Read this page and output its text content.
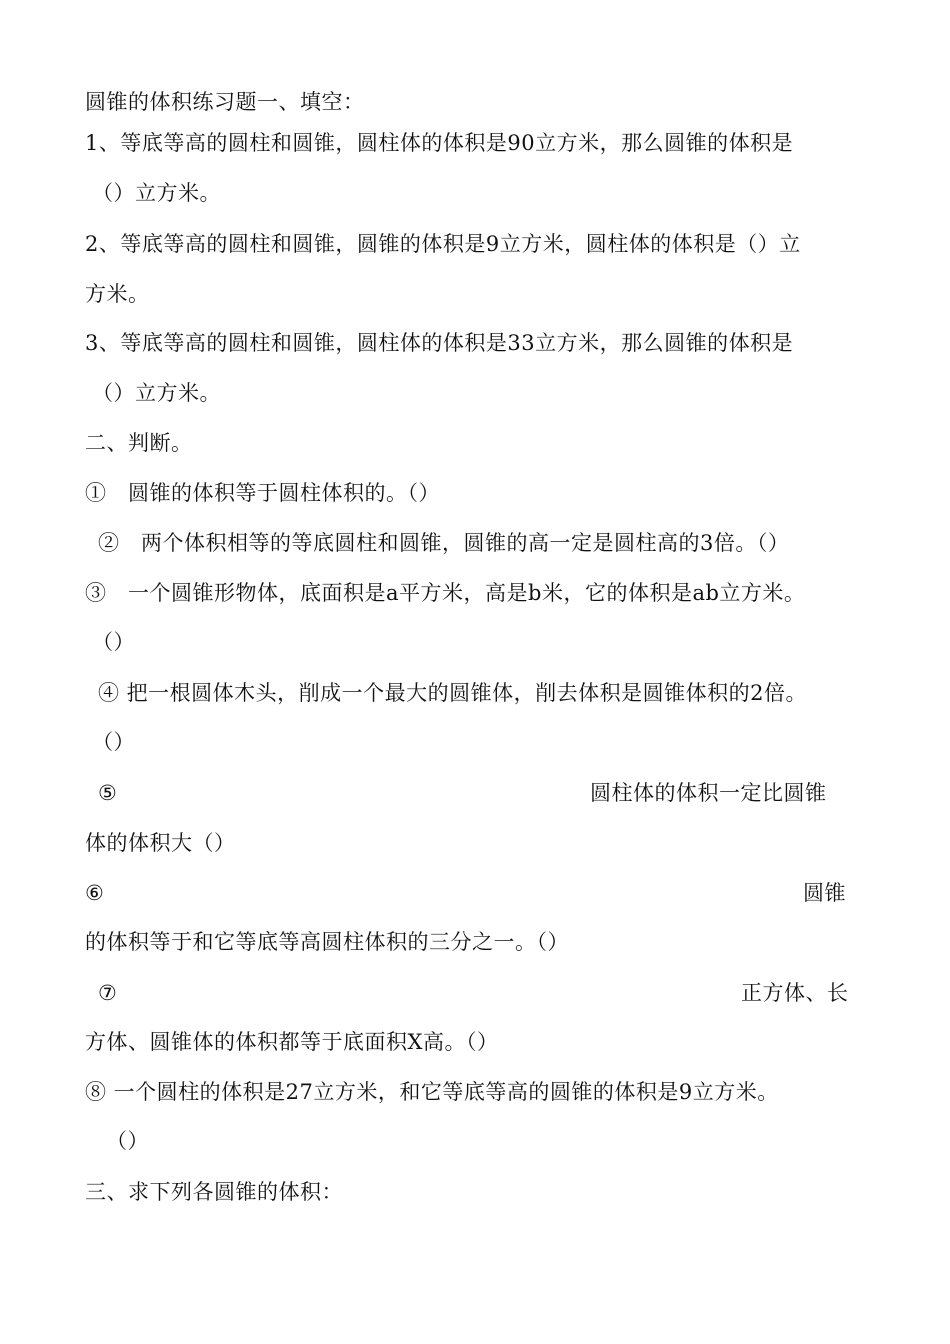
圆锥的体积练习题一、填空：
1、等底等高的圆柱和圆锥，圆柱体的体积是90立方米，那么圆锥的体积是
（）立方米。
2、等底等高的圆柱和圆锥，圆锥的体积是9立方米，圆柱体的体积是（）立
方米。
3、等底等高的圆柱和圆锥，圆柱体的体积是33立方米，那么圆锥的体积是
（）立方米。
二、判断。
①　圆锥的体积等于圆柱体积的。（）
②　两个体积相等的等底圆柱和圆锥，圆锥的高一定是圆柱高的3倍。（）
③　一个圆锥形物体，底面积是a平方米，高是b米，它的体积是ab立方米。
（）
④ 把一根圆体木头，削成一个最大的圆锥体，削去体积是圆锥体积的2倍。
（）
⑤	圆柱体的体积一定比圆锥
体的体积大（）
⑥	圆锥
的体积等于和它等底等高圆柱体积的三分之一。（）
⑦	正方体、长
方体、圆锥体的体积都等于底面积X高。（）
⑧ 一个圆柱的体积是27立方米，和它等底等高的圆锥的体积是9立方米。
（）
三、求下列各圆锥的体积：
